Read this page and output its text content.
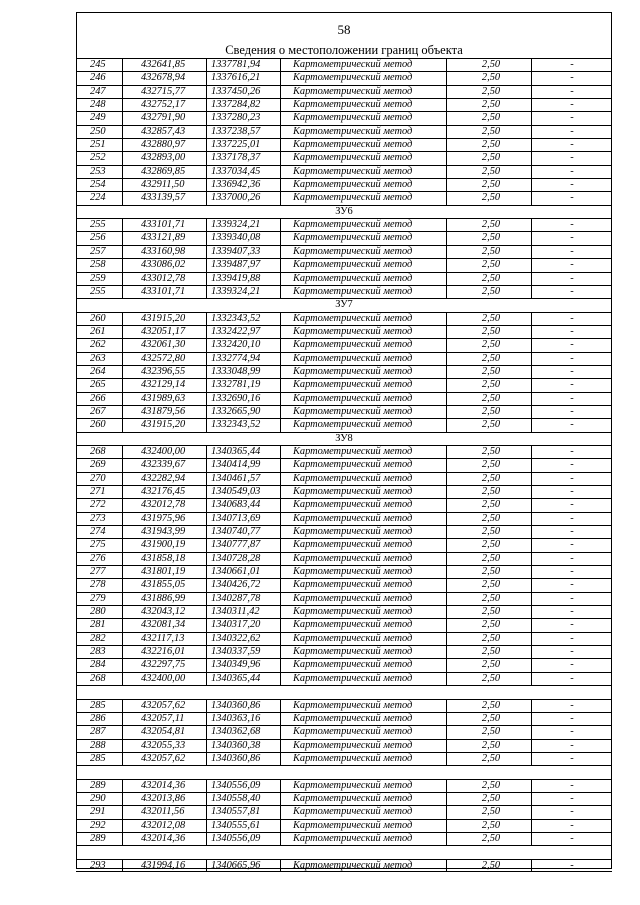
58
Сведения о местоположении границ объекта
245	432641,85	1337781,94	Картометрический метод	2,50	-
246	432678,94	1337616,21	Картометрический метод	2,50	-
247	432715,77	1337450,26	Картометрический метод	2,50	-
248	432752,17	1337284,82	Картометрический метод	2,50	-
249	432791,90	1337280,23	Картометрический метод	2,50	-
250	432857,43	1337238,57	Картометрический метод	2,50	-
251	432880,97	1337225,01	Картометрический метод	2,50	-
252	432893,00	1337178,37	Картометрический метод	2,50	-
253	432869,85	1337034,45	Картометрический метод	2,50	-
254	432911,50	1336942,36	Картометрический метод	2,50	-
224	433139,57	1337000,26	Картометрический метод	2,50	-
ЗУ6
255	433101,71	1339324,21	Картометрический метод	2,50	-
256	433121,89	1339340,08	Картометрический метод	2,50	-
257	433160,98	1339407,33	Картометрический метод	2,50	-
258	433086,02	1339487,97	Картометрический метод	2,50	-
259	433012,78	1339419,88	Картометрический метод	2,50	-
255	433101,71	1339324,21	Картометрический метод	2,50	-
ЗУ7
260	431915,20	1332343,52	Картометрический метод	2,50	-
261	432051,17	1332422,97	Картометрический метод	2,50	-
262	432061,30	1332420,10	Картометрический метод	2,50	-
263	432572,80	1332774,94	Картометрический метод	2,50	-
264	432396,55	1333048,99	Картометрический метод	2,50	-
265	432129,14	1332781,19	Картометрический метод	2,50	-
266	431989,63	1332690,16	Картометрический метод	2,50	-
267	431879,56	1332665,90	Картометрический метод	2,50	-
260	431915,20	1332343,52	Картометрический метод	2,50	-
ЗУ8
268	432400,00	1340365,44	Картометрический метод	2,50	-
269	432339,67	1340414,99	Картометрический метод	2,50	-
270	432282,94	1340461,57	Картометрический метод	2,50	-
271	432176,45	1340549,03	Картометрический метод	2,50	-
272	432012,78	1340683,44	Картометрический метод	2,50	-
273	431975,96	1340713,69	Картометрический метод	2,50	-
274	431943,99	1340740,77	Картометрический метод	2,50	-
275	431900,19	1340777,87	Картометрический метод	2,50	-
276	431858,18	1340728,28	Картометрический метод	2,50	-
277	431801,19	1340661,01	Картометрический метод	2,50	-
278	431855,05	1340426,72	Картометрический метод	2,50	-
279	431886,99	1340287,78	Картометрический метод	2,50	-
280	432043,12	1340311,42	Картометрический метод	2,50	-
281	432081,34	1340317,20	Картометрический метод	2,50	-
282	432117,13	1340322,62	Картометрический метод	2,50	-
283	432216,01	1340337,59	Картометрический метод	2,50	-
284	432297,75	1340349,96	Картометрический метод	2,50	-
268	432400,00	1340365,44	Картометрический метод	2,50	-
285	432057,62	1340360,86	Картометрический метод	2,50	-
286	432057,11	1340363,16	Картометрический метод	2,50	-
287	432054,81	1340362,68	Картометрический метод	2,50	-
288	432055,33	1340360,38	Картометрический метод	2,50	-
285	432057,62	1340360,86	Картометрический метод	2,50	-
289	432014,36	1340556,09	Картометрический метод	2,50	-
290	432013,86	1340558,40	Картометрический метод	2,50	-
291	432011,56	1340557,81	Картометрический метод	2,50	-
292	432012,08	1340555,61	Картометрический метод	2,50	-
289	432014,36	1340556,09	Картометрический метод	2,50	-
293	431994,16	1340665,96	Картометрический метод	2,50	-
